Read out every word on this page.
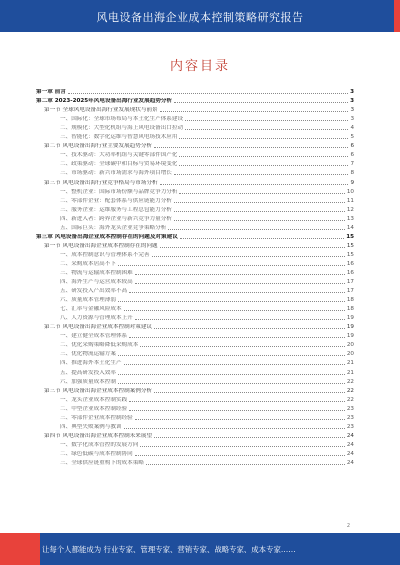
风电设备出海企业成本控制策略研究报告
内容目录
第一章 前言	3
第二章 2023-2025年风电设备出海行业发展趋势分析	3
第一节 全球风电设备出海行业发展现状与前景	3
一、国际化：全球市场布局与本土化生产体系建设	3
二、规模化：大型化机组与海上风电设备出口拉动	4
三、智能化：数字化运维与智慧风电场技术应用	5
第二节 风电设备出海行业主要发展趋势分析	6
一、技术驱动：大功率机组与关键零部件国产化	6
二、政策驱动：全球碳中和目标与贸易环境变化	7
三、市场驱动：新兴市场需求与海外项目增长	8
第三节 风电设备出海行业竞争格局与市场分析	9
一、整机企业：国际市场份额与品牌竞争力分析	10
二、零部件企业：配套体系与供应链能力分析	11
三、服务企业：运维服务与工程总包能力分析	12
四、新进入者：跨界企业与新兴竞争力量分析	13
五、国际巨头：海外龙头企业竞争策略分析	14
第三章 风电设备出海企业成本控制存在的问题及对策建议	15
第一节 风电设备出海企业成本控制存在的问题	15
一、成本控制意识与管理体系不完善	15
二、采购成本居高不下	16
三、物流与运输成本控制困难	16
四、海外生产与运营成本较高	17
五、研发投入产出效率不高	17
六、质量成本管理薄弱	18
七、汇率与金融风险成本	18
八、人力资源与管理成本上升	19
第二节 风电设备出海企业成本控制对策建议	19
一、建立健全成本管理体系	19
二、优化采购策略降低采购成本	20
三、优化物流运输方案	20
四、推进海外本土化生产	21
五、提高研发投入效率	21
六、加强质量成本控制	22
第三节 风电设备出海企业成本控制案例分析	22
一、龙头企业成本控制实践	22
二、中型企业成本控制经验	23
三、零部件企业成本控制经验	23
四、典型失败案例与教训	23
第四节 风电设备出海企业成本控制未来展望	24
一、数字化成本管控的发展方向	24
二、绿色低碳与成本控制协同	24
三、全球供应链重构下的成本策略	24
2
让每个人都能成为 行业专家、管理专家、营销专家、战略专家、成本专家……
